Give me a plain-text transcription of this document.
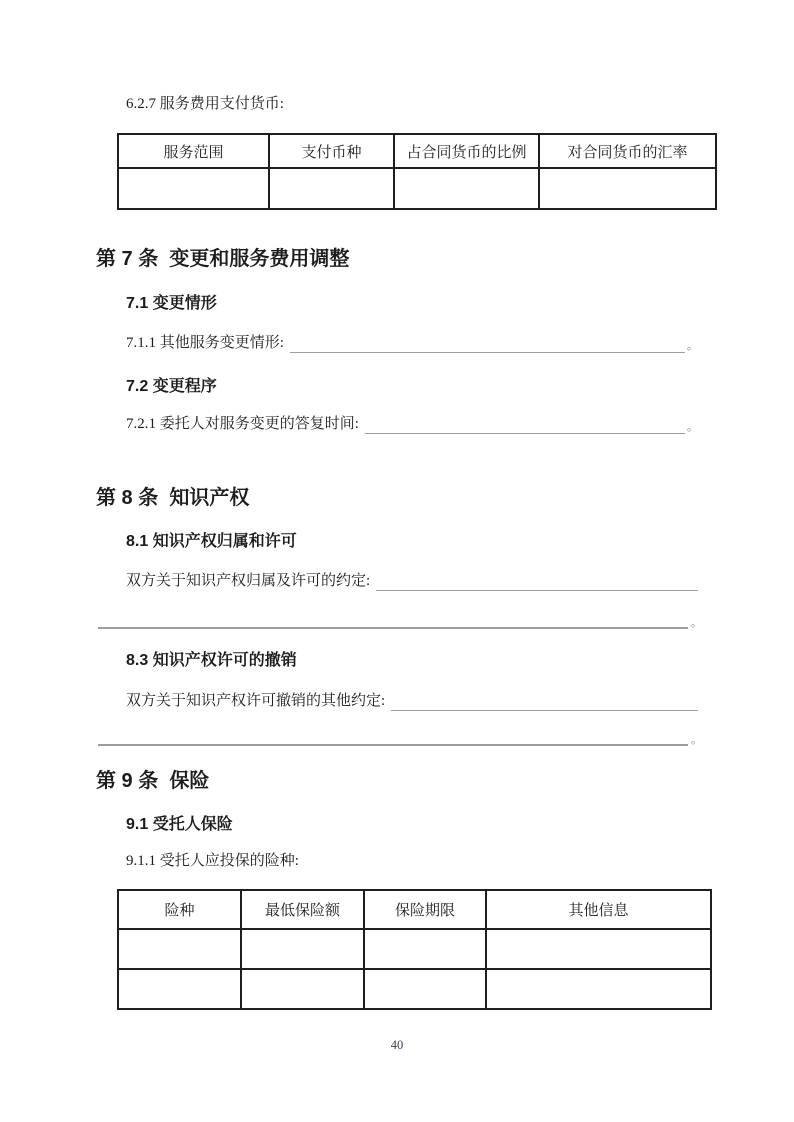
6.2.7 服务费用支付货币:
服务范围	支付币种	占合同货币的比例	对合同货币的汇率

第 7 条  变更和服务费用调整
7.1 变更情形
7.1.1 其他服务变更情形:	。
7.2 变更程序
7.2.1 委托人对服务变更的答复时间:	。
第 8 条  知识产权
8.1 知识产权归属和许可
双方关于知识产权归属及许可的约定:
。
8.3 知识产权许可的撤销
双方关于知识产权许可撤销的其他约定:
。
第 9 条  保险
9.1 受托人保险
9.1.1 受托人应投保的险种:
险种	最低保险额	保险期限	其他信息

40
